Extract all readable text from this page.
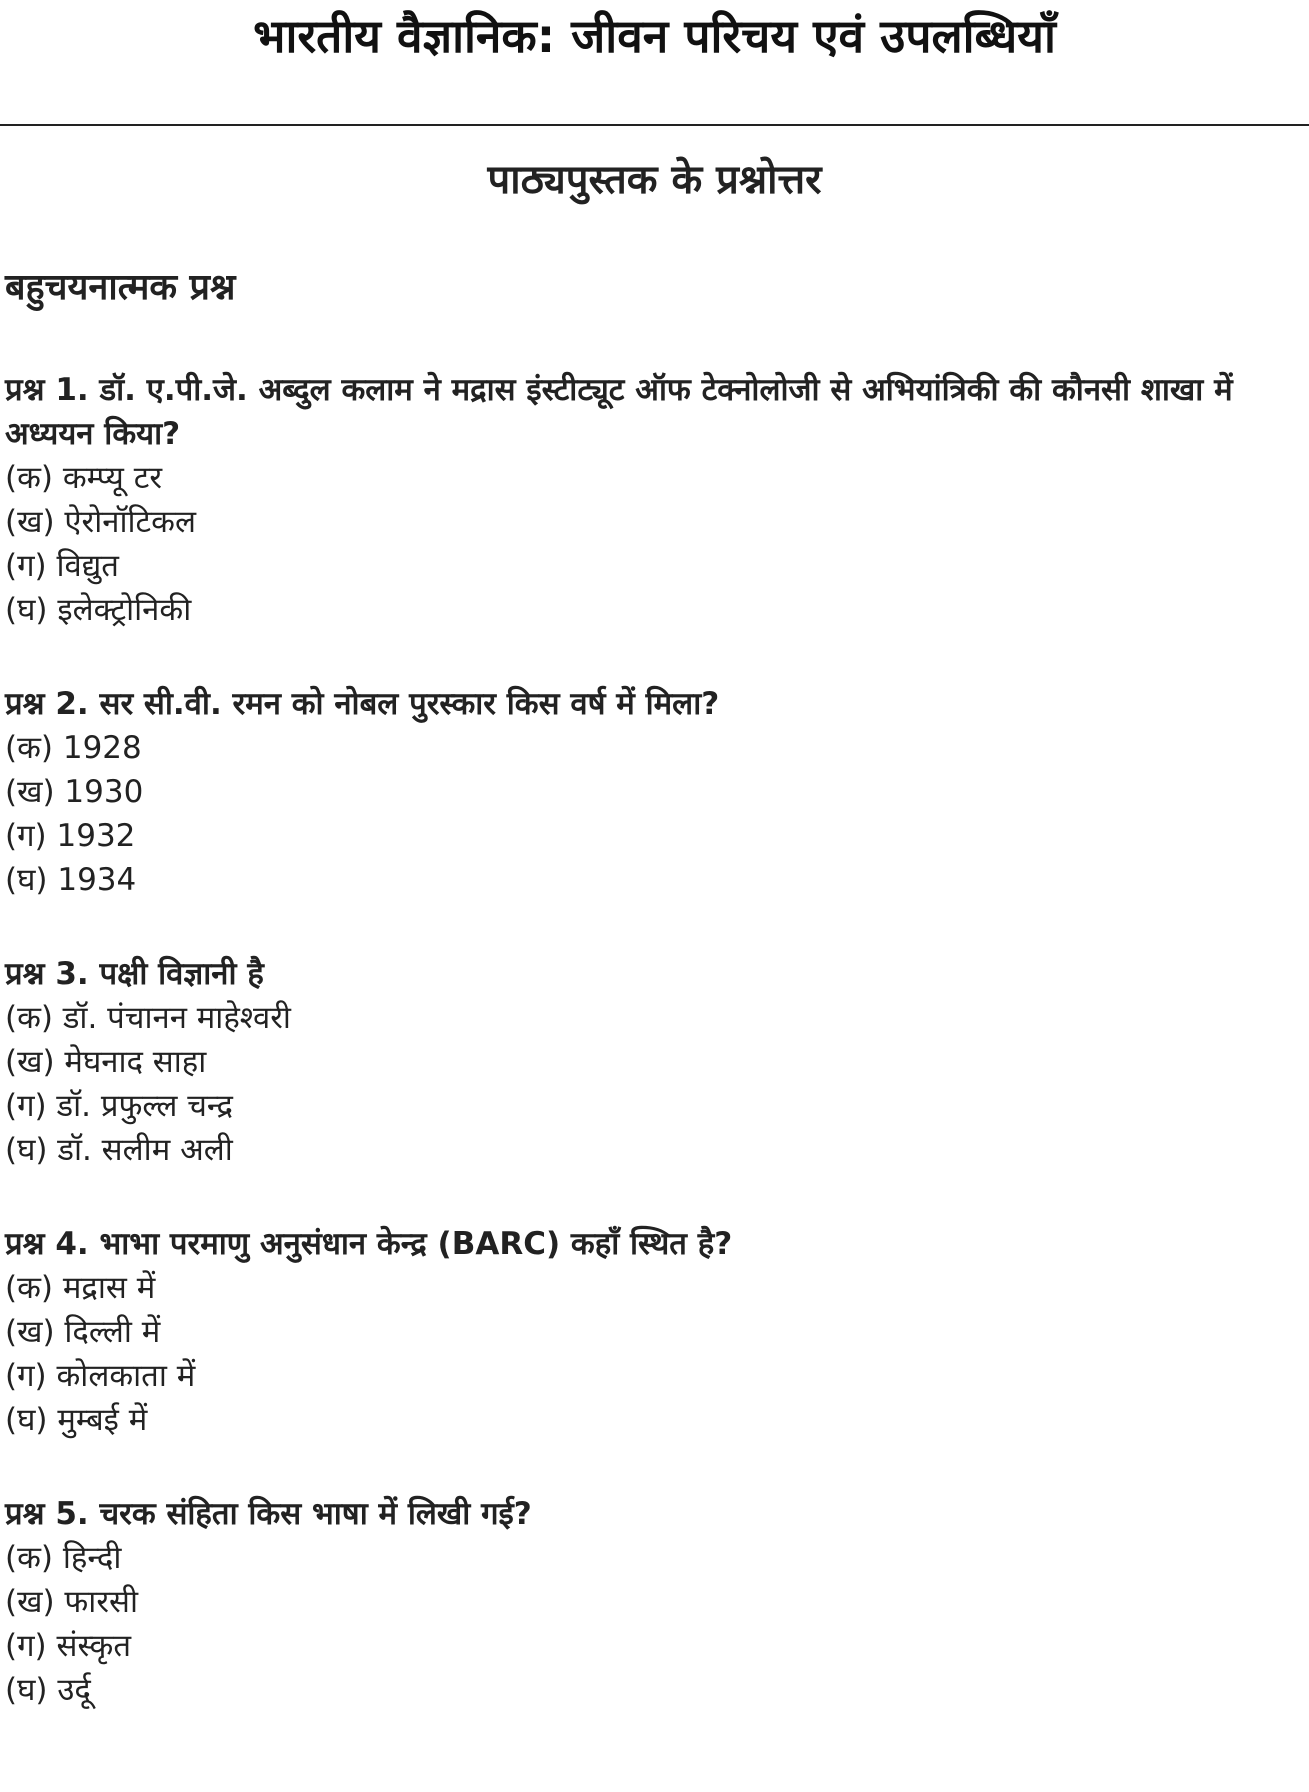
भारतीय वैज्ञानिक: जीवन परिचय एवं उपलब्धियाँ
पाठ्यपुस्तक के प्रश्नोत्तर
बहुचयनात्मक प्रश्न

प्रश्न 1. डॉ. ए.पी.जे. अब्दुल कलाम ने मद्रास इंस्टीट्यूट ऑफ टेक्नोलोजी से अभियांत्रिकी की कौनसी शाखा में अध्ययन किया?

(क) कम्प्यू टर

(ख) ऐरोनॉटिकल

(ग) विद्युत

(घ) इलेक्ट्रोनिकी

प्रश्न 2. सर सी.वी. रमन को नोबल पुरस्कार किस वर्ष में मिला?

(क) 1928

(ख) 1930

(ग) 1932

(घ) 1934

प्रश्न 3. पक्षी विज्ञानी है

(क) डॉ. पंचानन माहेश्वरी

(ख) मेघनाद साहा

(ग) डॉ. प्रफुल्ल चन्द्र

(घ) डॉ. सलीम अली

प्रश्न 4. भाभा परमाणु अनुसंधान केन्द्र (BARC) कहाँ स्थित है?

(क) मद्रास में

(ख) दिल्ली में

(ग) कोलकाता में

(घ) मुम्बई में

प्रश्न 5. चरक संहिता किस भाषा में लिखी गई?

(क) हिन्दी

(ख) फारसी

(ग) संस्कृत

(घ) उर्दू
